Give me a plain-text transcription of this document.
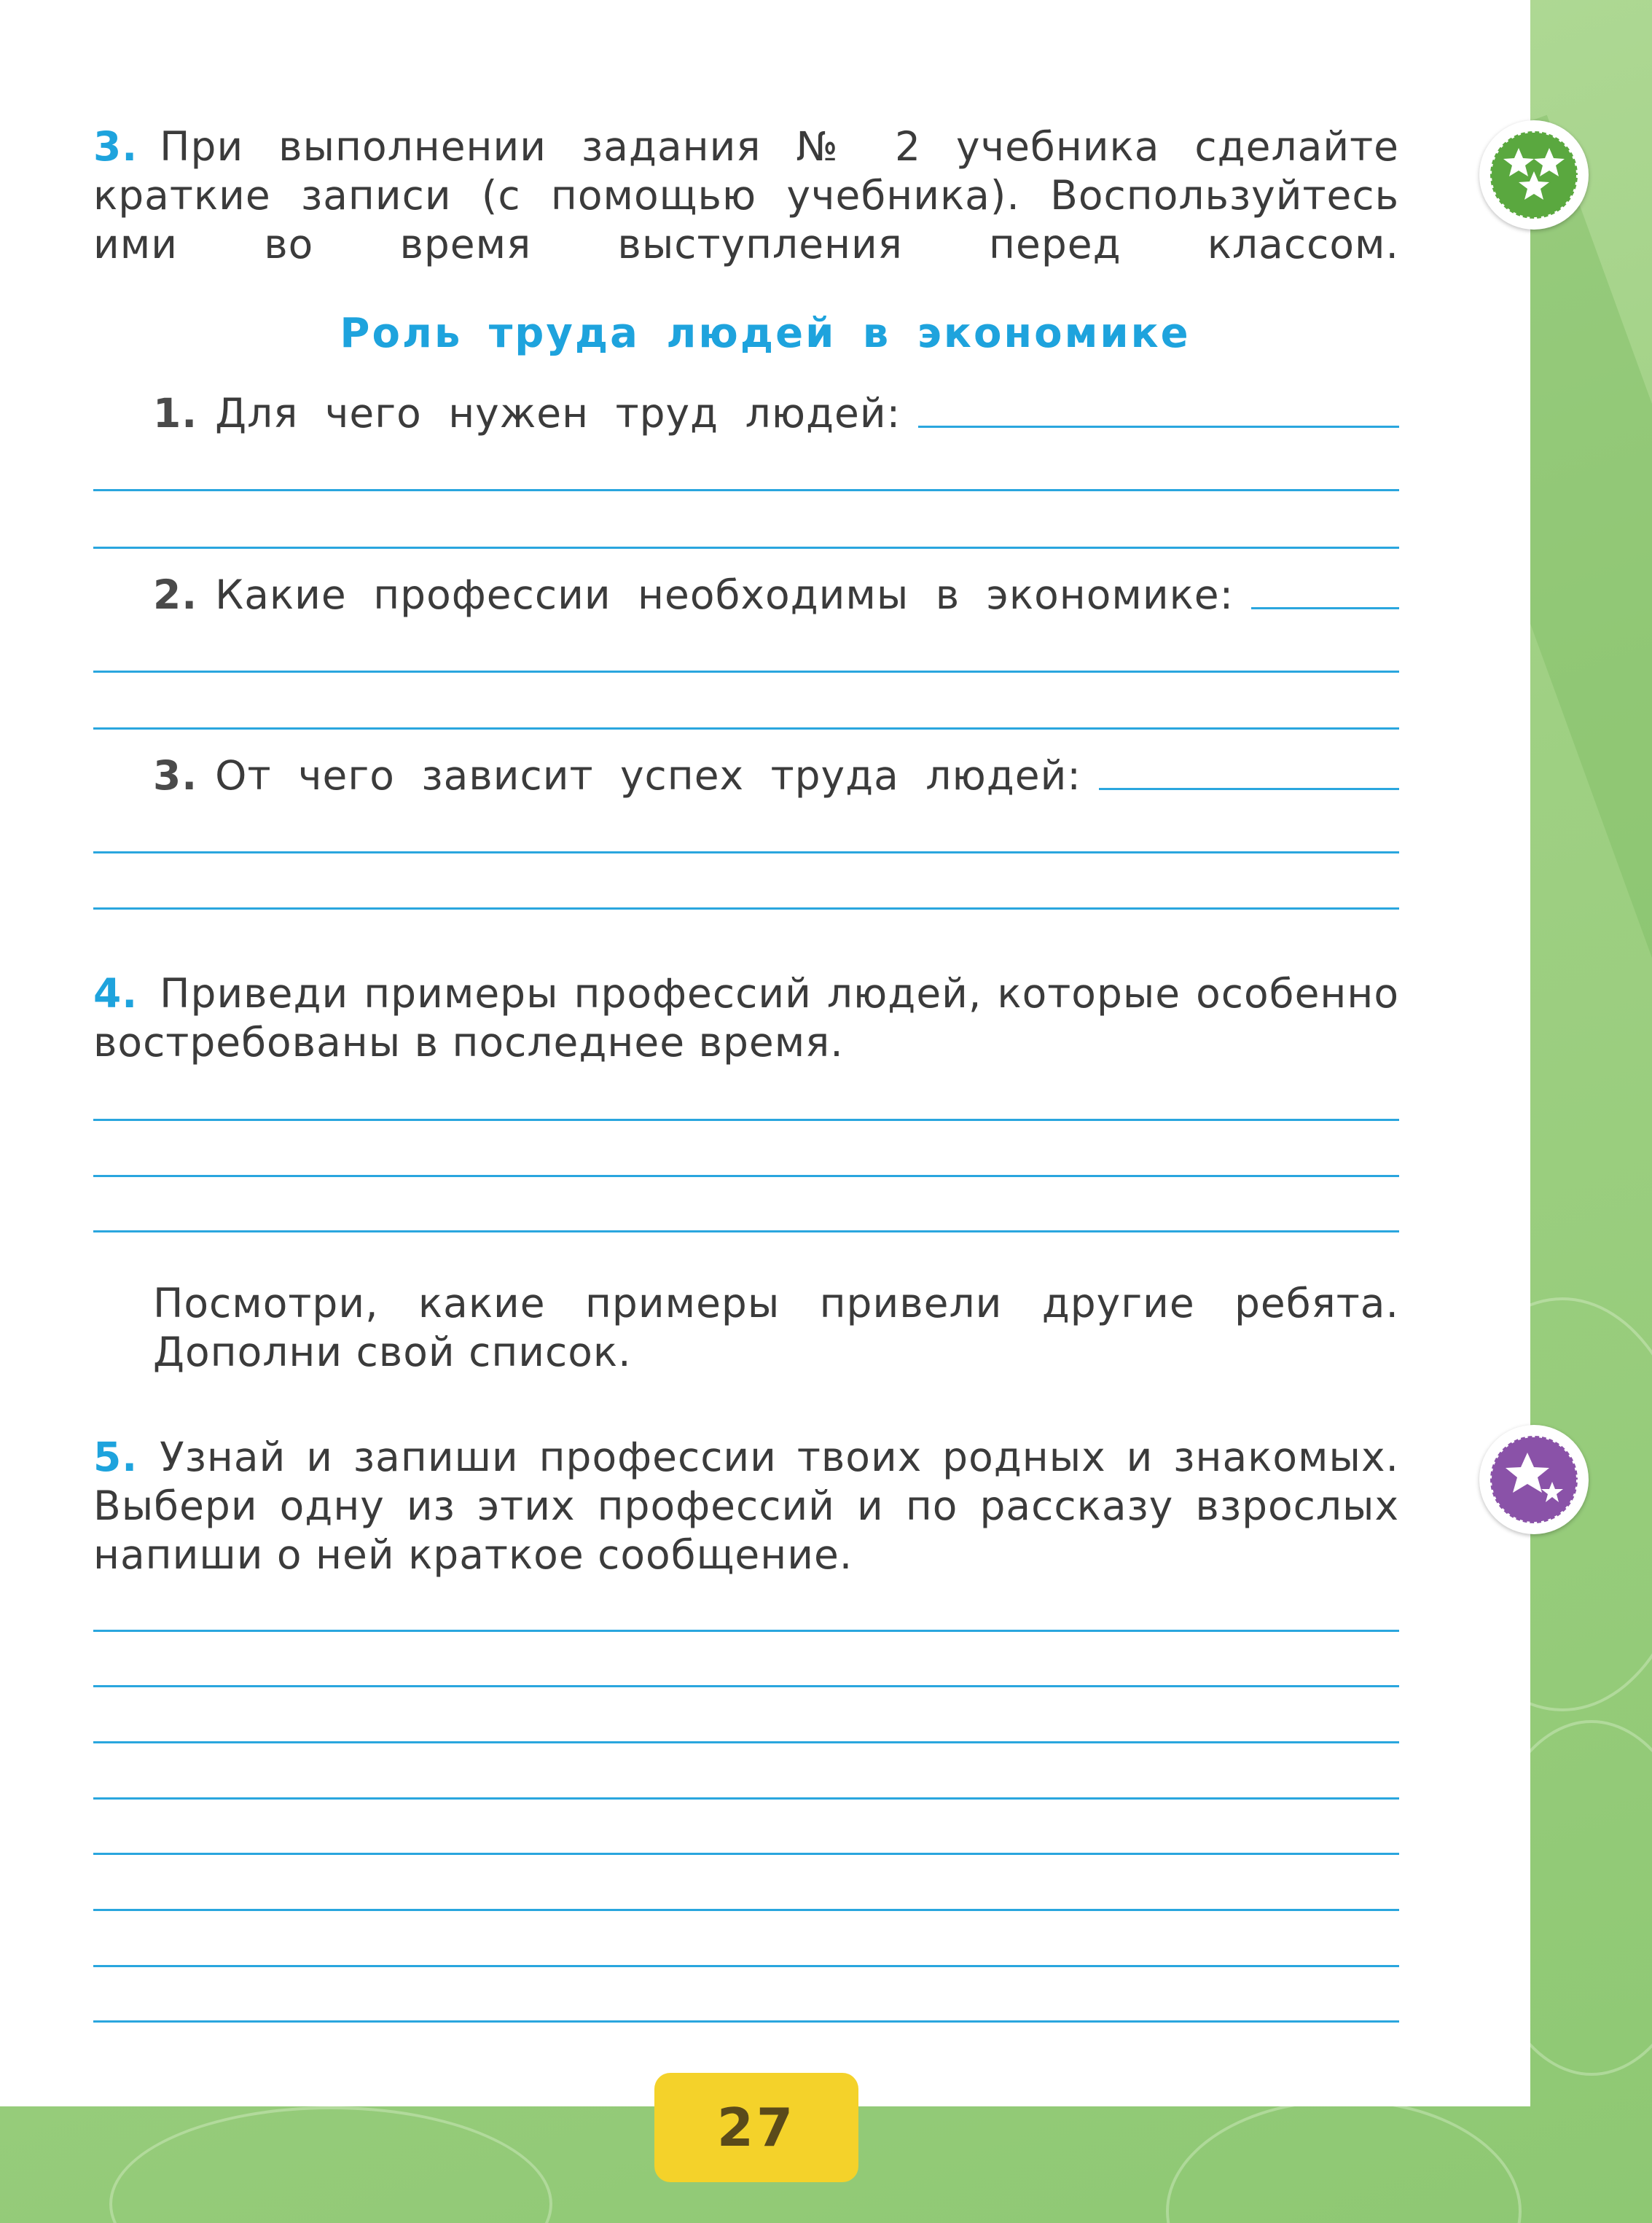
3. При выполнении задания № 2 учебника сделайте краткие записи (с помощью учебника). Воспользуйтесь ими во время выступления перед классом.
Роль труда людей в экономике
1. Для чего нужен труд людей:
2. Какие профессии необходимы в экономике:
3. От чего зависит успех труда людей:
4. Приведи примеры профессий людей, которые особенно востребованы в последнее время.
Посмотри, какие примеры привели другие ребята. Дополни свой список.
5. Узнай и запиши профессии твоих родных и знакомых. Выбери одну из этих профессий и по рассказу взрослых напиши о ней краткое сообщение.
27
